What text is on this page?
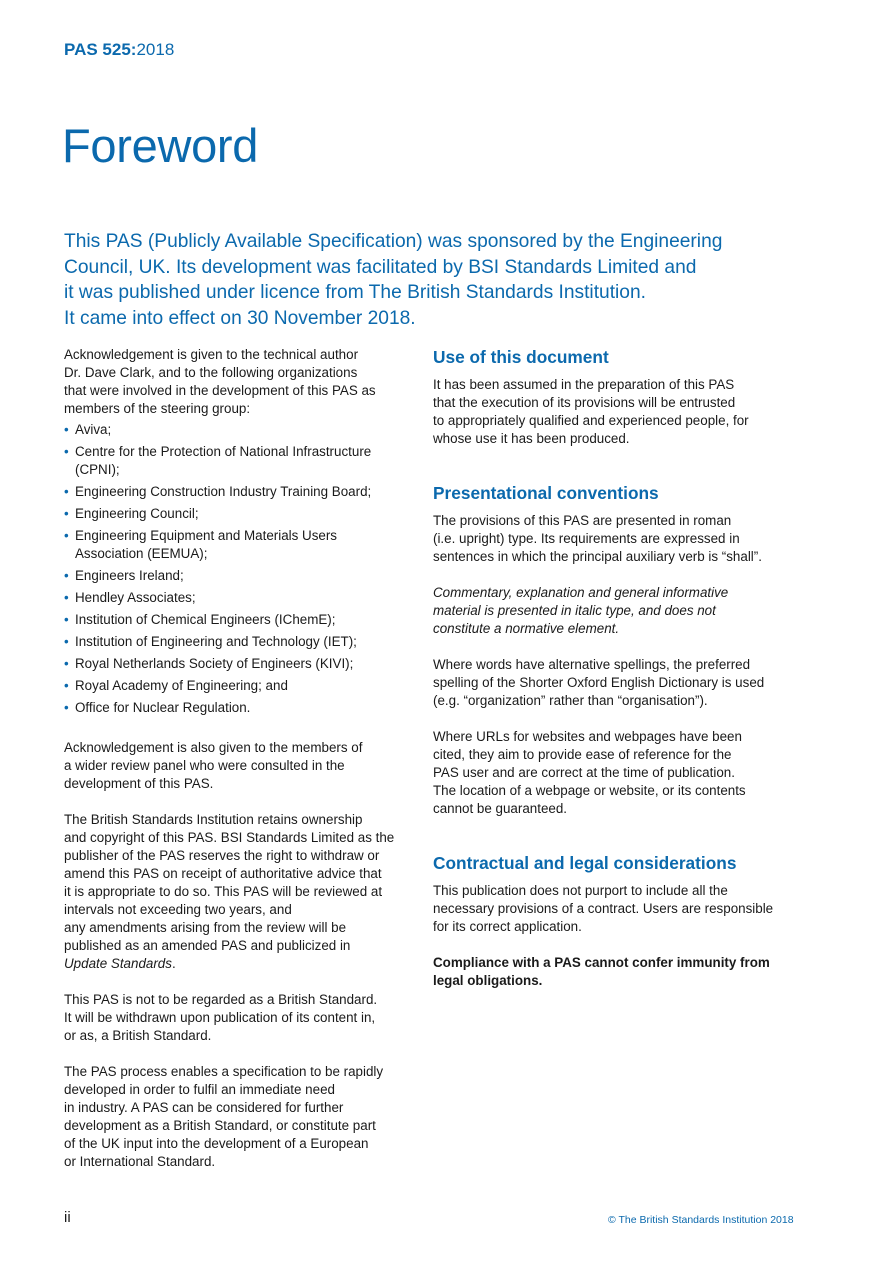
PAS 525:2018
Foreword
This PAS (Publicly Available Specification) was sponsored by the Engineering
Council, UK. Its development was facilitated by BSI Standards Limited and
it was published under licence from The British Standards Institution.
It came into effect on 30 November 2018.

Acknowledgement is given to the technical author
Dr. Dave Clark, and to the following organizations
that were involved in the development of this PAS as
members of the steering group:

• Aviva;
• Centre for the Protection of National Infrastructure
(CPNI);
• Engineering Construction Industry Training Board;
• Engineering Council;
• Engineering Equipment and Materials Users
Association (EEMUA);
• Engineers Ireland;
• Hendley Associates;
• Institution of Chemical Engineers (IChemE);
• Institution of Engineering and Technology (IET);
• Royal Netherlands Society of Engineers (KIVI);
• Royal Academy of Engineering; and
• Office for Nuclear Regulation.

Acknowledgement is also given to the members of
a wider review panel who were consulted in the
development of this PAS.

The British Standards Institution retains ownership
and copyright of this PAS. BSI Standards Limited as the
publisher of the PAS reserves the right to withdraw or
amend this PAS on receipt of authoritative advice that
it is appropriate to do so. This PAS will be reviewed at
intervals not exceeding two years, and
any amendments arising from the review will be
published as an amended PAS and publicized in
Update Standards.

This PAS is not to be regarded as a British Standard.
It will be withdrawn upon publication of its content in,
or as, a British Standard.

The PAS process enables a specification to be rapidly
developed in order to fulfil an immediate need
in industry. A PAS can be considered for further
development as a British Standard, or constitute part
of the UK input into the development of a European
or International Standard.

Use of this document

It has been assumed in the preparation of this PAS
that the execution of its provisions will be entrusted
to appropriately qualified and experienced people, for
whose use it has been produced.

Presentational conventions

The provisions of this PAS are presented in roman
(i.e. upright) type. Its requirements are expressed in
sentences in which the principal auxiliary verb is “shall”.

Commentary, explanation and general informative
material is presented in italic type, and does not
constitute a normative element.

Where words have alternative spellings, the preferred
spelling of the Shorter Oxford English Dictionary is used
(e.g. “organization” rather than “organisation”).

Where URLs for websites and webpages have been
cited, they aim to provide ease of reference for the
PAS user and are correct at the time of publication.
The location of a webpage or website, or its contents
cannot be guaranteed.

Contractual and legal considerations

This publication does not purport to include all the
necessary provisions of a contract. Users are responsible
for its correct application.

Compliance with a PAS cannot confer immunity from
legal obligations.

ii	© The British Standards Institution 2018
